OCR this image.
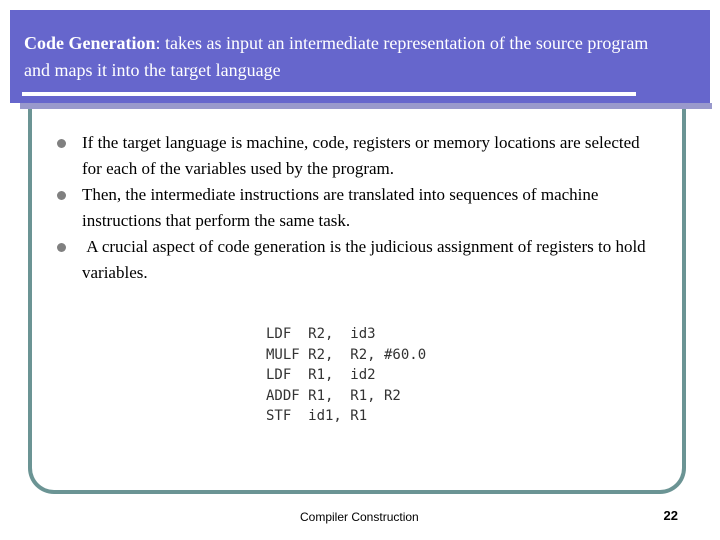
Code Generation: takes as input an intermediate representation of the source program and maps it into the target language
If the target language is machine, code, registers or memory locations are selected for each of the variables used by the program.
Then, the intermediate instructions are translated into sequences of machine instructions that perform the same task.
A crucial aspect of code generation is the judicious assignment of registers to hold variables.
LDF  R2,  id3
MULF R2,  R2, #60.0
LDF  R1,  id2
ADDF R1,  R1, R2
STF  id1, R1
Compiler Construction	22
